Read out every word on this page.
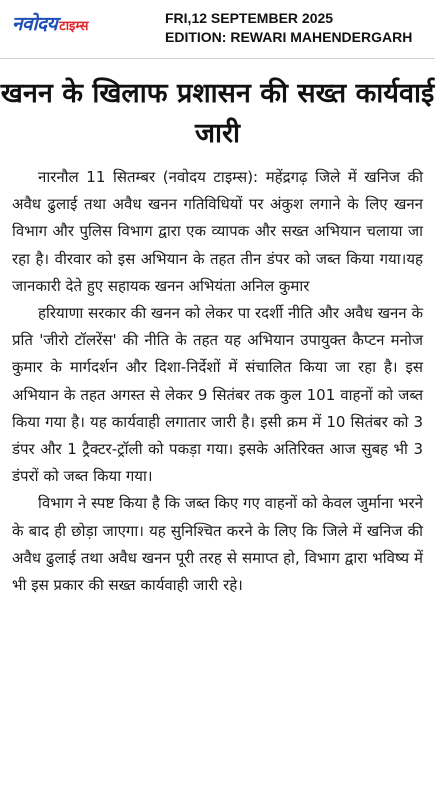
नवोदय टाइम्स
FRI,12 SEPTEMBER 2025
EDITION: REWARI MAHENDERGARH
खनन के खिलाफ प्रशासन की सख्त कार्यवाई जारी

नारनौल 11 सितम्बर (नवोदय टाइम्स): महेंद्रगढ़ जिले में खनिज की अवैध ढुलाई तथा अवैध खनन गतिविधियों पर अंकुश लगाने के लिए खनन विभाग और पुलिस विभाग द्वारा एक व्यापक और सख्त अभियान चलाया जा रहा है। वीरवार को इस अभियान के तहत तीन डंपर को जब्त किया गया।यह जानकारी देते हुए सहायक खनन अभियंता अनिल कुमार

हरियाणा सरकार की खनन को लेकर पा रदर्शी नीति और अवैध खनन के प्रति 'जीरो टॉलरेंस' की नीति के तहत यह अभियान उपायुक्त कैप्टन मनोज कुमार के मार्गदर्शन और दिशा-निर्देशों में संचालित किया जा रहा है। इस अभियान के तहत अगस्त से लेकर 9 सितंबर तक कुल 101 वाहनों को जब्त किया गया है। यह कार्यवाही लगातार जारी है। इसी क्रम में 10 सितंबर को 3 डंपर और 1 ट्रैक्टर-ट्रॉली को पकड़ा गया। इसके अतिरिक्त आज सुबह भी 3 डंपरों को जब्त किया गया।

विभाग ने स्पष्ट किया है कि जब्त किए गए वाहनों को केवल जुर्माना भरने के बाद ही छोड़ा जाएगा। यह सुनिश्चित करने के लिए कि जिले में खनिज की अवैध ढुलाई तथा अवैध खनन पूरी तरह से समाप्त हो, विभाग द्वारा भविष्य में भी इस प्रकार की सख्त कार्यवाही जारी रहे।
